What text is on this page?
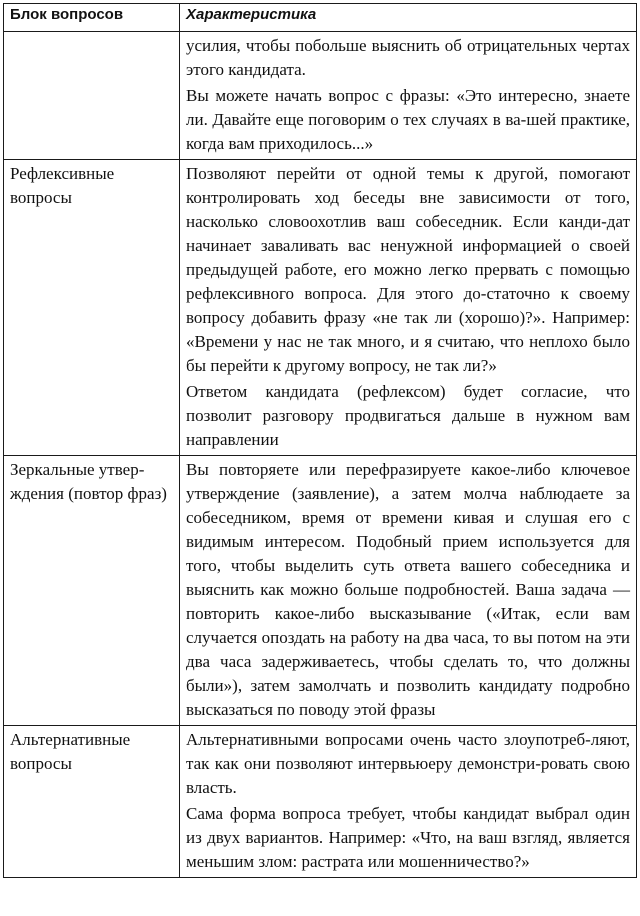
Блок вопросов	Характеристика

	усилия, чтобы побольше выяснить об отрицательных чертах этого кандидата.

Вы можете начать вопрос с фразы: «Это интересно, знаете ли. Давайте еще поговорим о тех случаях в ва-шей практике, когда вам приходилось...»

Рефлексивные вопросы	Позволяют перейти от одной темы к другой, помогают контролировать ход беседы вне зависимости от того, насколько словоохотлив ваш собеседник. Если канди-дат начинает заваливать вас ненужной информацией о своей предыдущей работе, его можно легко прервать с помощью рефлексивного вопроса. Для этого до-статочно к своему вопросу добавить фразу «не так ли (хорошо)?». Например: «Времени у нас не так много, и я считаю, что неплохо было бы перейти к другому вопросу, не так ли?»

Ответом кандидата (рефлексом) будет согласие, что позволит разговору продвигаться дальше в нужном вам направлении

Зеркальные утвер-ждения (повтор фраз)	Вы повторяете или перефразируете какое-либо ключевое утверждение (заявление), а затем молча наблюдаете за собеседником, время от времени кивая и слушая его с видимым интересом. Подобный прием используется для того, чтобы выделить суть ответа вашего собеседника и выяснить как можно больше подробностей. Ваша задача — повторить какое-либо высказывание («Итак, если вам случается опоздать на работу на два часа, то вы потом на эти два часа задерживаетесь, чтобы сделать то, что должны были»), затем замолчать и позволить кандидату подробно высказаться по поводу этой фразы

Альтернативные вопросы	Альтернативными вопросами очень часто злоупотреб-ляют, так как они позволяют интервьюеру демонстри-ровать свою власть.

Сама форма вопроса требует, чтобы кандидат выбрал один из двух вариантов. Например: «Что, на ваш взгляд, является меньшим злом: растрата или мошенничество?»
